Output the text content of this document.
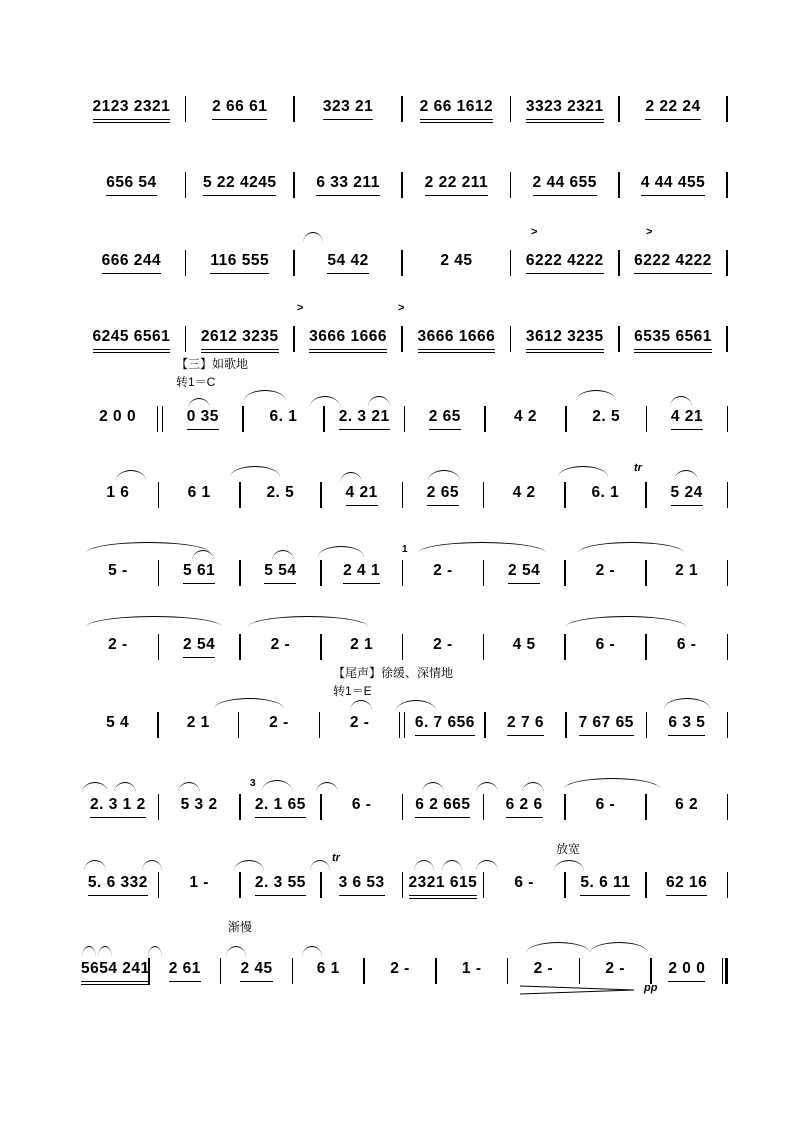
2123 2321	2 66 61	323 21	2 66 1612 3323 2321	2 22 24
656 54	5 22 4245	6 33 211	2 22 211	2 44 655	4 44 455
>	>
666 244	116 555	54 42	2 45	6222 4222 6222 4222
>	>
6245 6561 2612 3235 3666 1666 3666 1666 3612 3235 6535 6561
【三】如歌地
转1＝C
2 0 0	0 35	6. 1	2. 3 21	2 65	4 2	2. 5	4 21
tr
1 6	6 1	2. 5	4 21	2 65	4 2	6. 1	5 24
1
5 -	5 61	5 54	2 4 1	2 -	2 54	2 -	2 1
2 -	2 54	2 -	2 1	2 -	4 5	6 -	6 -
【尾声】徐缓、深情地
转1＝E
5 4	2 1	2 -	2 -	6. 7 656 2 7 6 7 67 65 6 3 5
3
2. 3 1 2 5 3 2 2. 1 65	6 -	6 2 665 6 2 6	6 -	6 2
放宽
tr
5. 6 332	1 -	2. 3 55 3 6 53 2321 615 6 -	5. 6 11 62 16
渐慢
5654 241 2 61	2 45	6 1	2 -	1 -	2 -	2 -	2 0 0
pp
